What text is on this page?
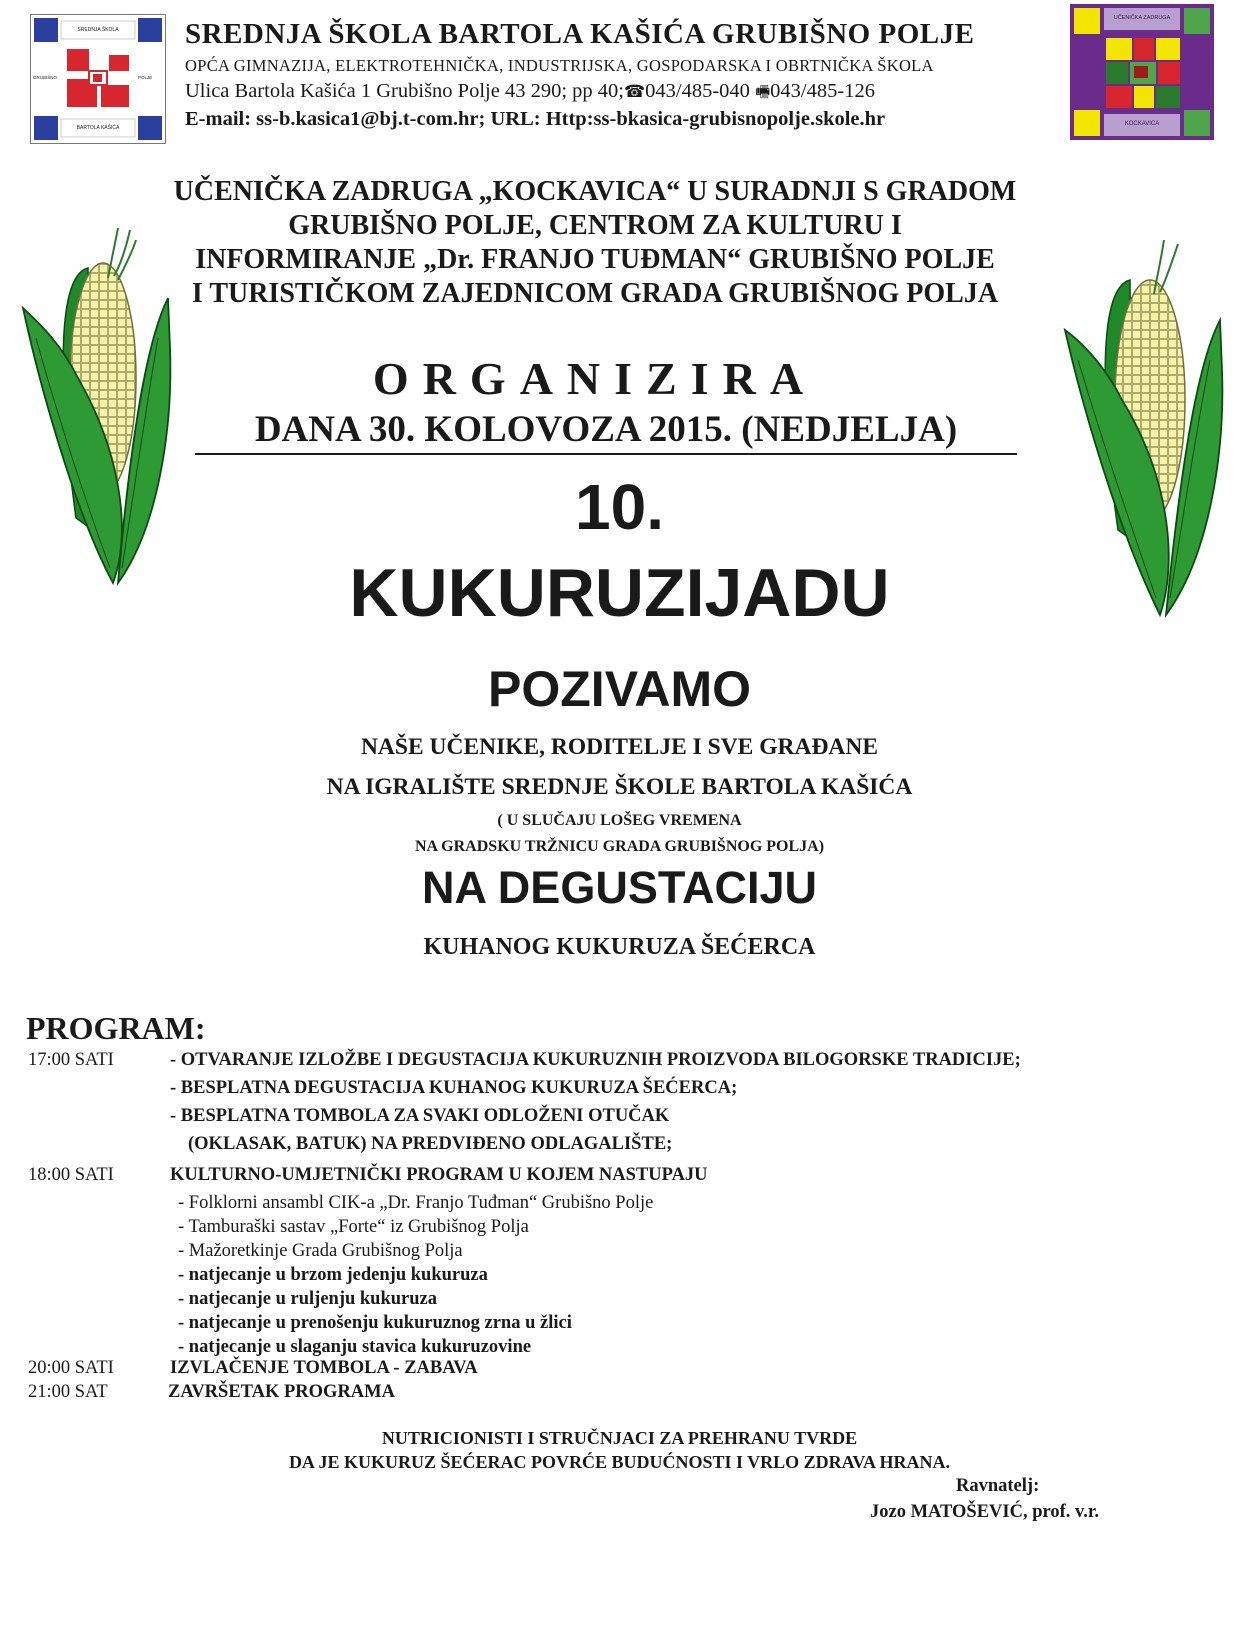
SREDNJA ŠKOLA
GRUBIŠNO	POLJE
BARTOLA KAŠIĆA
SREDNJA ŠKOLA BARTOLA KAŠIĆA GRUBIŠNO POLJE
OPĆA GIMNAZIJA, ELEKTROTEHNIČKA, INDUSTRIJSKA, GOSPODARSKA I OBRTNIČKA ŠKOLA
Ulica Bartola Kašića 1 Grubišno Polje 43 290; pp 40;☎043/485-040 🖷043/485-126
E-mail: ss-b.kasica1@bj.t-com.hr; URL: Http:ss-bkasica-grubisnopolje.skole.hr
UČENIČKA ZADRUGA
KOCKAVICA
UČENIČKA ZADRUGA „KOCKAVICA“ U SURADNJI S GRADOM
GRUBIŠNO POLJE, CENTROM ZA KULTURU I
INFORMIRANJE „Dr. FRANJO TUĐMAN“ GRUBIŠNO POLJE
I TURISTIČKOM ZAJEDNICOM GRADA GRUBIŠNOG POLJA
ORGANIZIRA
DANA 30. KOLOVOZA 2015. (NEDJELJA)
10.
KUKURUZIJADU
POZIVAMO
NAŠE UČENIKE, RODITELJE I SVE GRAĐANE
NA IGRALIŠTE SREDNJE ŠKOLE BARTOLA KAŠIĆA
( U SLUČAJU LOŠEG VREMENA
NA GRADSKU TRŽNICU GRADA GRUBIŠNOG POLJA)
NA DEGUSTACIJU
KUHANOG KUKURUZA ŠEĆERCA
PROGRAM:
17:00 SATI	- OTVARANJE IZLOŽBE I DEGUSTACIJA KUKURUZNIH PROIZVODA BILOGORSKE TRADICIJE;
- BESPLATNA DEGUSTACIJA KUHANOG KUKURUZA ŠEĆERCA;
- BESPLATNA TOMBOLA ZA SVAKI ODLOŽENI OTUČAK
(OKLASAK, BATUK) NA PREDVIĐENO ODLAGALIŠTE;
18:00 SATI	KULTURNO-UMJETNIČKI PROGRAM U KOJEM NASTUPAJU
- Folklorni ansambl CIK-a „Dr. Franjo Tuđman“ Grubišno Polje
- Tamburaški sastav „Forte“ iz Grubišnog Polja
- Mažoretkinje Grada Grubišnog Polja
- natjecanje u brzom jedenju kukuruza
- natjecanje u ruljenju kukuruza
- natjecanje u prenošenju kukuruznog zrna u žlici
- natjecanje u slaganju stavica kukuruzovine
20:00 SATI	IZVLAČENJE TOMBOLA - ZABAVA
21:00 SAT	ZAVRŠETAK PROGRAMA
NUTRICIONISTI I STRUČNJACI ZA PREHRANU TVRDE
DA JE KUKURUZ ŠEĆERAC POVRĆE BUDUĆNOSTI I VRLO ZDRAVA HRANA.
Ravnatelj:
Jozo MATOŠEVIĆ, prof. v.r.
